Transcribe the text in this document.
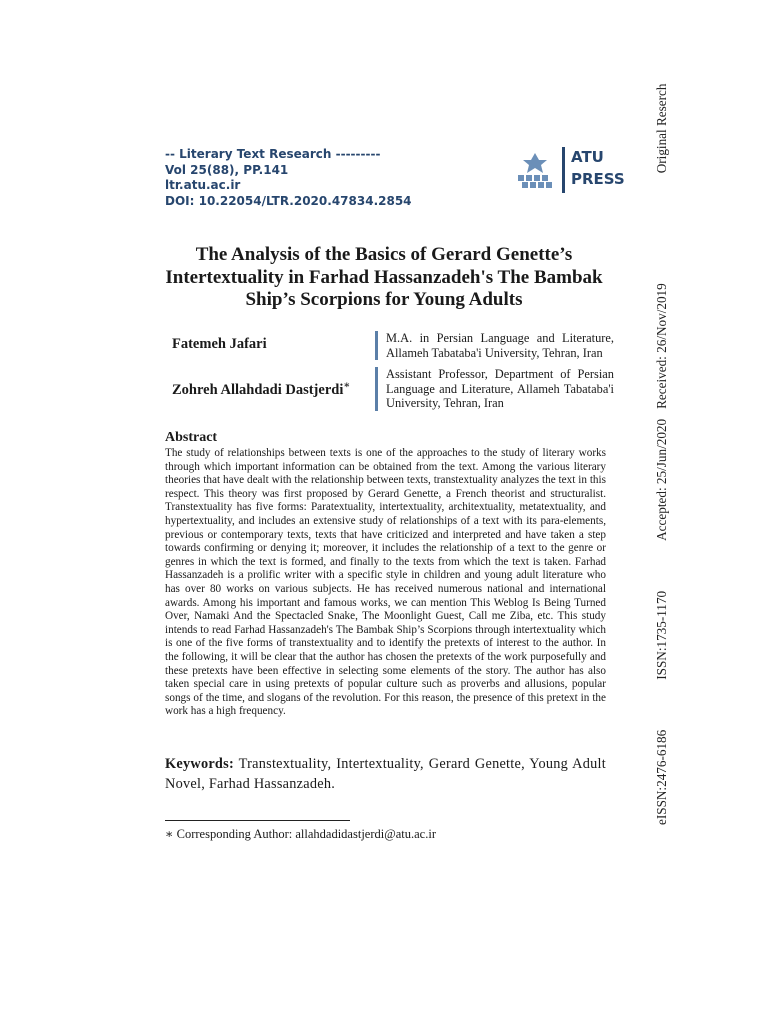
-- Literary Text Research ---------
Vol 25(88), PP.141
ltr.atu.ac.ir
DOI: 10.22054/LTR.2020.47834.2854
ATU
PRESS
eISSN:2476-6186ISSN:1735-1170Accepted: 25/Jun/2020Received: 26/Nov/2019Original Reserch
The Analysis of the Basics of Gerard Genette’s Intertextuality in Farhad Hassanzadeh's The Bambak Ship’s Scorpions for Young Adults
Fatemeh Jafari	M.A. in Persian Language and Literature, Allameh Tabataba'i University, Tehran, Iran
Zohreh Allahdadi Dastjerdi∗
Assistant Professor, Department of Persian Language and Literature, Allameh Tabataba'i University, Tehran, Iran
Abstract

The study of relationships between texts is one of the approaches to the study of literary works through which important information can be obtained from the text. Among the various literary theories that have dealt with the relationship between texts, transtextuality analyzes the text in this respect. This theory was first proposed by Gerard Genette, a French theorist and structuralist. Transtextuality has five forms: Paratextuality, intertextuality, architextuality, metatextuality, and hypertextuality, and includes an extensive study of relationships of a text with its para-elements, previous or contemporary texts, texts that have criticized and interpreted and have taken a step towards confirming or denying it; moreover, it includes the relationship of a text to the genre or genres in which the text is formed, and finally to the texts from which the text is taken. Farhad Hassanzadeh is a prolific writer with a specific style in children and young adult literature who has over 80 works on various subjects. He has received numerous national and international awards. Among his important and famous works, we can mention This Weblog Is Being Turned Over, Namaki And the Spectacled Snake, The Moonlight Guest, Call me Ziba, etc. This study intends to read Farhad Hassanzadeh's The Bambak Ship’s Scorpions through intertextuality which is one of the five forms of transtextuality and to identify the pretexts of interest to the author. In the following, it will be clear that the author has chosen the pretexts of the work purposefully and these pretexts have been effective in selecting some elements of the story. The author has also taken special care in using pretexts of popular culture such as proverbs and allusions, popular songs of the time, and slogans of the revolution. For this reason, the presence of this pretext in the work has a high frequency.

Keywords: Transtextuality, Intertextuality, Gerard Genette, Young Adult Novel, Farhad Hassanzadeh.

∗ Corresponding Author: allahdadidastjerdi@atu.ac.ir
